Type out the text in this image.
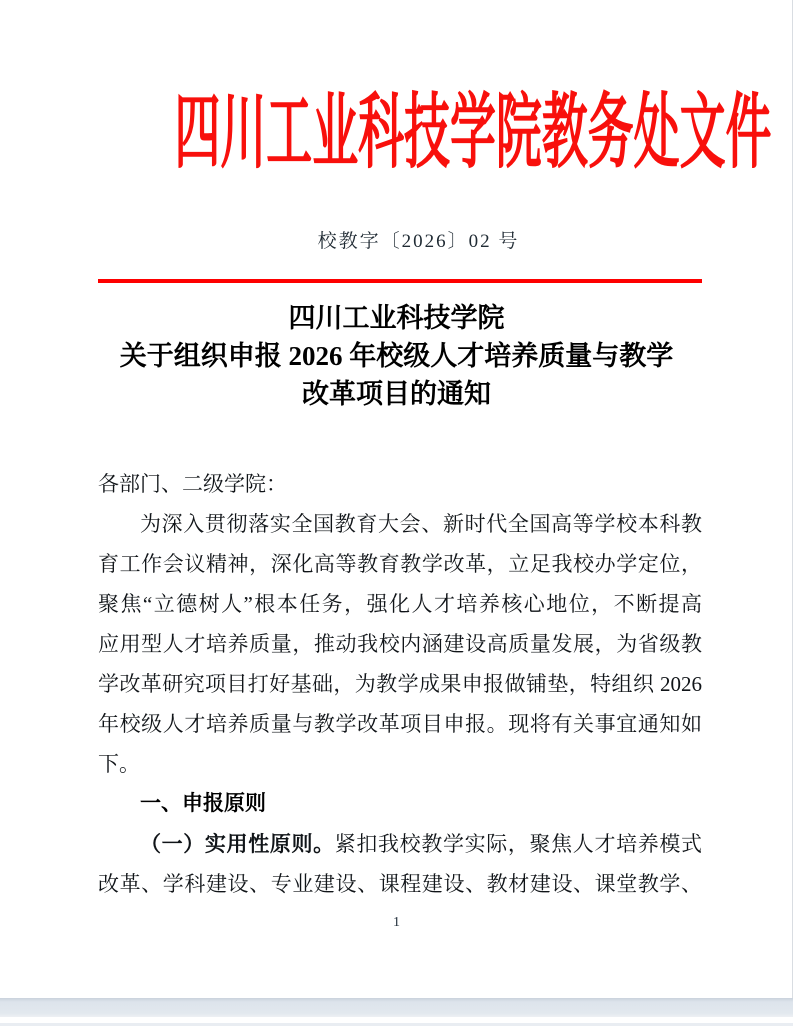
四川工业科技学院教务处文件
校教字〔2026〕02 号
四川工业科技学院
关于组织申报 2026 年校级人才培养质量与教学
改革项目的通知
各部门、二级学院：
为深入贯彻落实全国教育大会、新时代全国高等学校本科教
育工作会议精神，深化高等教育教学改革，立足我校办学定位，
聚焦“立德树人”根本任务，强化人才培养核心地位，不断提高
应用型人才培养质量，推动我校内涵建设高质量发展，为省级教
学改革研究项目打好基础，为教学成果申报做铺垫，特组织 2026
年校级人才培养质量与教学改革项目申报。现将有关事宜通知如
下。
一、申报原则
（一）实用性原则。紧扣我校教学实际，聚焦人才培养模式
改革、学科建设、专业建设、课程建设、教材建设、课堂教学、
1
